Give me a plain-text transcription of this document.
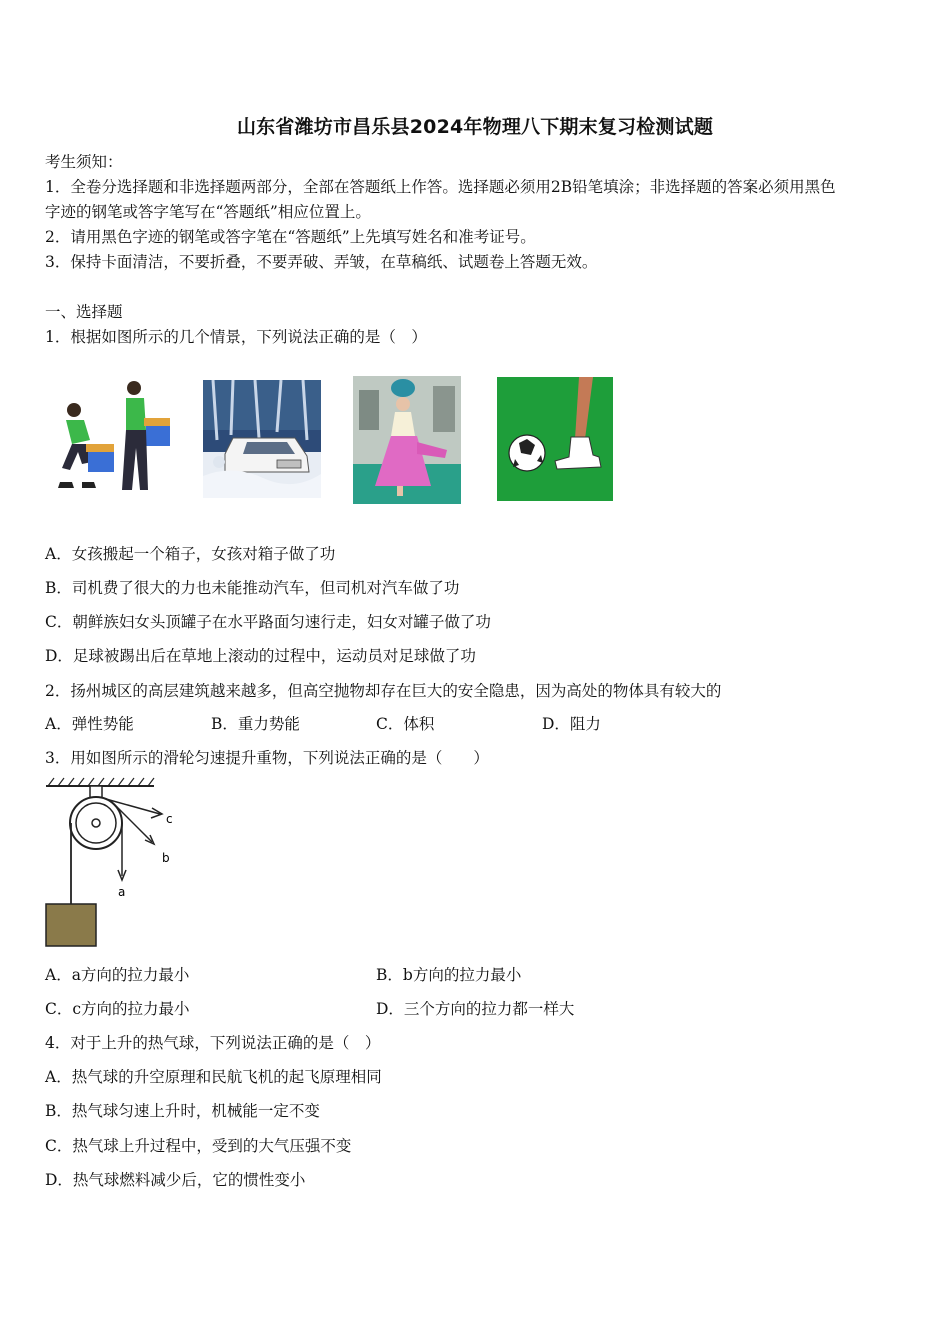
山东省潍坊市昌乐县2024年物理八下期末复习检测试题
考生须知：
1．全卷分选择题和非选择题两部分，全部在答题纸上作答。选择题必须用2B铅笔填涂；非选择题的答案必须用黑色
字迹的钢笔或答字笔写在“答题纸”相应位置上。
2．请用黑色字迹的钢笔或答字笔在“答题纸”上先填写姓名和准考证号。
3．保持卡面清洁，不要折叠，不要弄破、弄皱，在草稿纸、试题卷上答题无效。
一、选择题
1．根据如图所示的几个情景，下列说法正确的是（　）
A．女孩搬起一个箱子，女孩对箱子做了功
B．司机费了很大的力也未能推动汽车，但司机对汽车做了功
C．朝鲜族妇女头顶罐子在水平路面匀速行走，妇女对罐子做了功
D．足球被踢出后在草地上滚动的过程中，运动员对足球做了功
2．扬州城区的高层建筑越来越多，但高空抛物却存在巨大的安全隐患，因为高处的物体具有较大的
A．弹性势能	B．重力势能	C．体积	D．阻力
3．用如图所示的滑轮匀速提升重物，下列说法正确的是（　　）
a
b
c
A．a方向的拉力最小	B．b方向的拉力最小
C．c方向的拉力最小	D．三个方向的拉力都一样大
4．对于上升的热气球，下列说法正确的是（　）
A．热气球的升空原理和民航飞机的起飞原理相同
B．热气球匀速上升时，机械能一定不变
C．热气球上升过程中，受到的大气压强不变
D．热气球燃料减少后，它的惯性变小
